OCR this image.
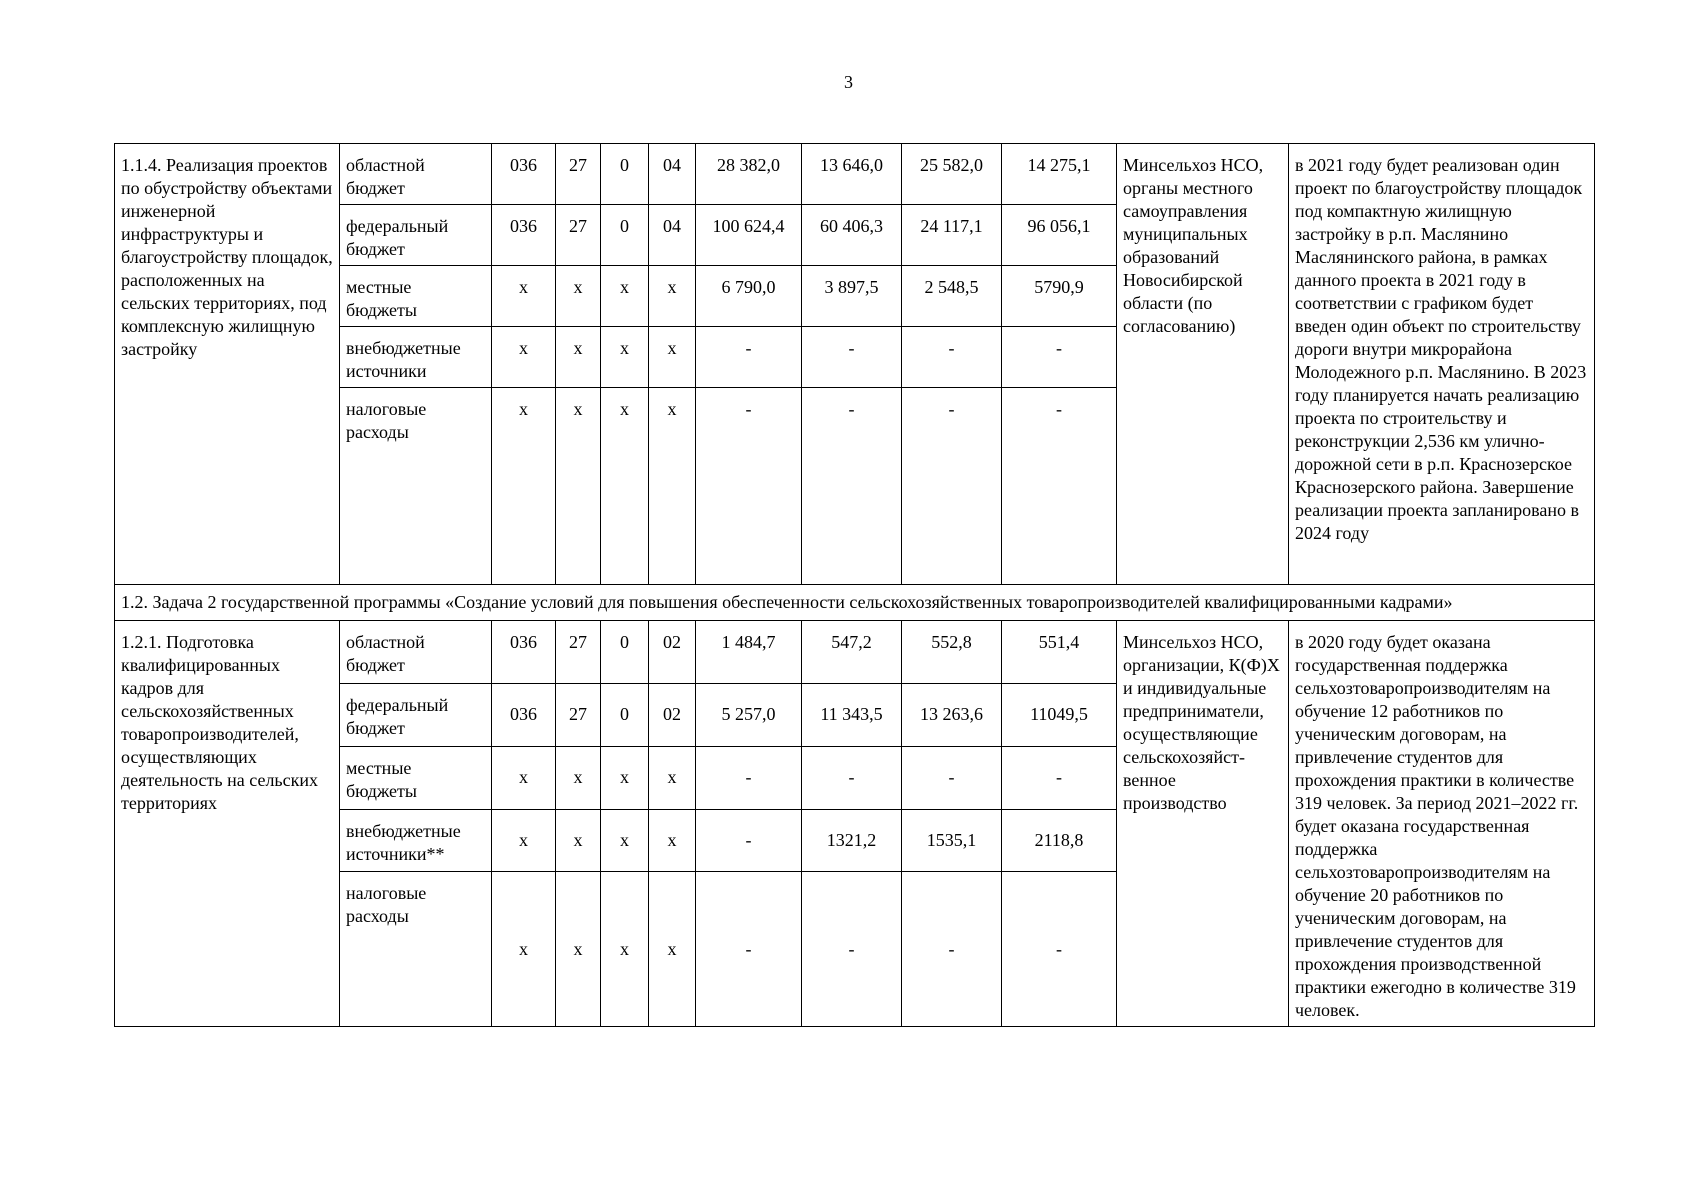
3
1.1.4. Реализация проектов по обустройству объектами инженерной инфраструктуры и благоустройству площадок, расположенных на сельских территориях, под комплексную жилищную застройку	областной бюджет	036	27	0	04	28 382,0	13 646,0	25 582,0	14 275,1	Минсельхоз НСО, органы местного самоуправления муниципальных образований Новосибирской области (по согласованию)	в 2021 году будет реализован один проект по благоустройству площадок под компактную жилищную застройку в р.п. Маслянино Маслянинского района, в рамках данного проекта в 2021 году в соответствии с графиком будет введен один объект по строительству дороги внутри микрорайона Молодежного р.п. Маслянино. В 2023 году планируется начать реализацию проекта по строительству и реконструкции 2,536 км улично-дорожной сети в р.п. Краснозерское Краснозерского района. Завершение реализации проекта запланировано в 2024 году
	федеральный бюджет	036	27	0	04	100 624,4	60 406,3	24 117,1	96 056,1		
	местные бюджеты	x	x	x	x	6 790,0	3 897,5	2 548,5	5790,9		
	внебюджетные источники	x	x	x	x	-	-	-	-		
	налоговые расходы	x	x	x	x	-	-	-	-		
1.2. Задача 2 государственной программы «Создание условий для повышения обеспеченности сельскохозяйственных товаропроизводителей квалифицированными кадрами»											
1.2.1. Подготовка квалифицированных кадров для сельскохозяйственных товаропроизводителей, осуществляющих деятельность на сельских территориях	областной бюджет	036	27	0	02	1 484,7	547,2	552,8	551,4	Минсельхоз НСО, организации, К(Ф)Х и индивидуальные предприниматели, осуществляющие сельскохозяйст-венное производство	в 2020 году будет оказана государственная поддержка сельхозтоваропроизводителям на обучение 12 работников по ученическим договорам, на привлечение студентов для прохождения практики в количестве 319 человек. За период 2021–2022 гг. будет оказана государственная поддержка сельхозтоваропроизводителям на обучение 20 работников по ученическим договорам, на привлечение студентов для прохождения производственной практики ежегодно в количестве 319 человек.
	федеральный бюджет	036	27	0	02	5 257,0	11 343,5	13 263,6	11049,5		
	местные бюджеты	x	x	x	x	-	-	-	-		
	внебюджетные источники**	x	x	x	x	-	1321,2	1535,1	2118,8		
	налоговые расходы	x	x	x	x	-	-	-	-		
